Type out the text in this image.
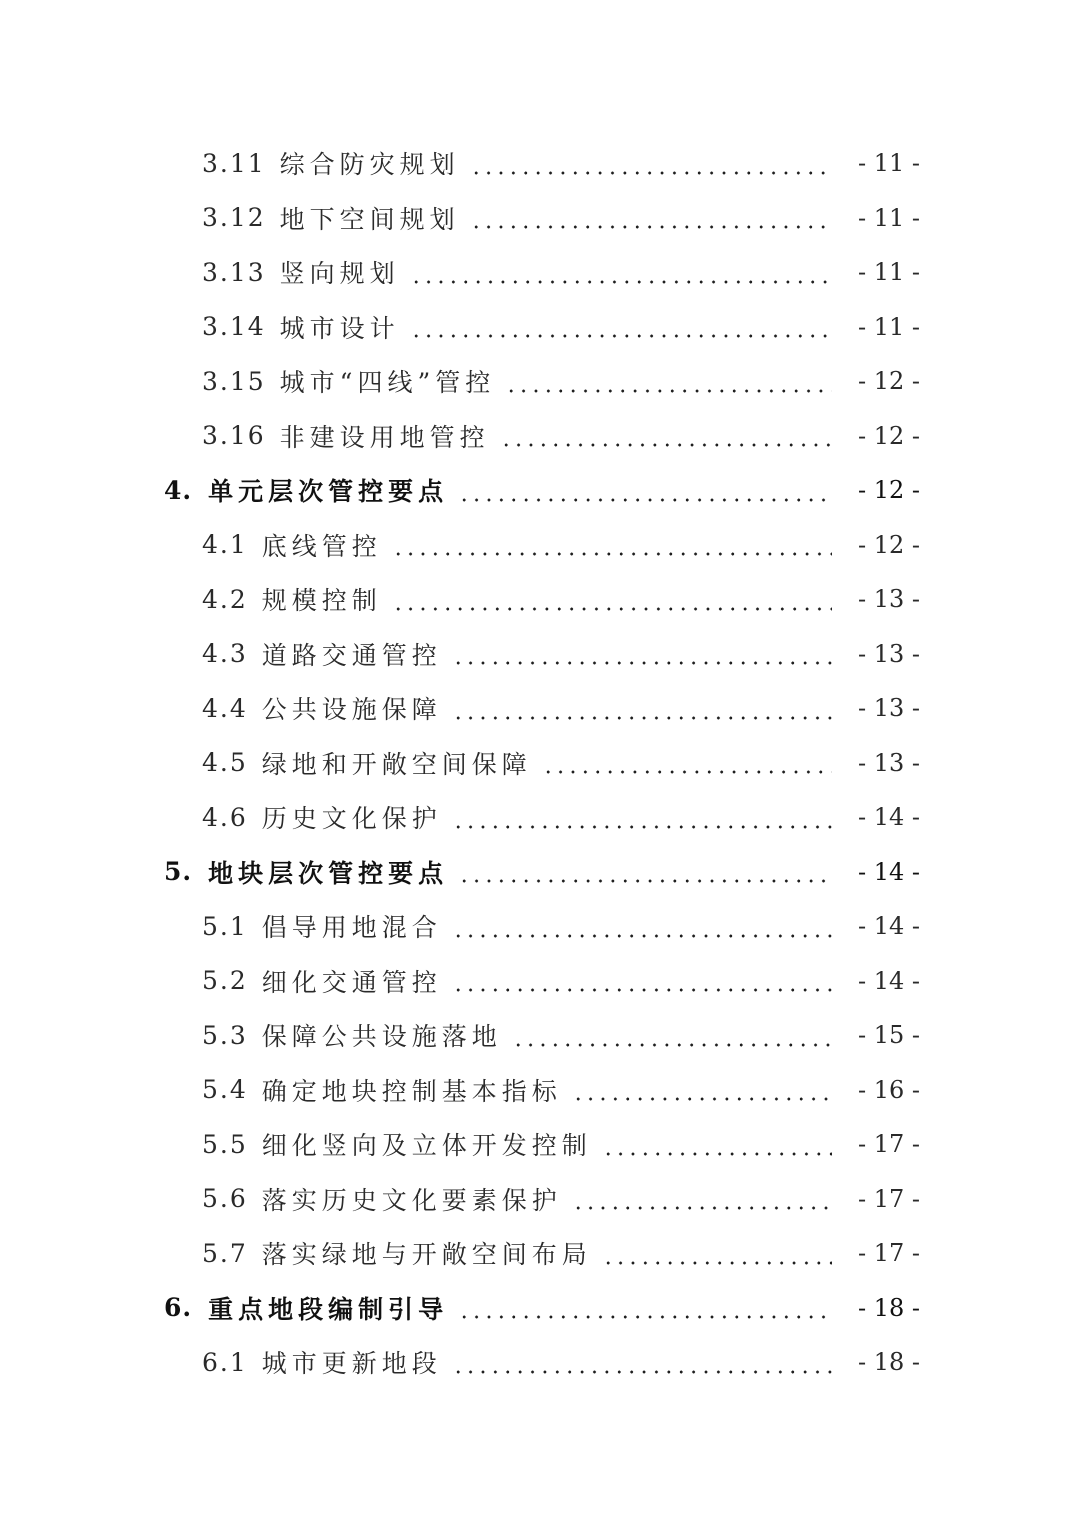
3.11 综合防灾规划	- 11 -
3.12 地下空间规划	- 11 -
3.13 竖向规划	- 11 -
3.14 城市设计	- 11 -
3.15 城市“四线”管控	- 12 -
3.16 非建设用地管控	- 12 -
4. 单元层次管控要点	- 12 -
4.1 底线管控	- 12 -
4.2 规模控制	- 13 -
4.3 道路交通管控	- 13 -
4.4 公共设施保障	- 13 -
4.5 绿地和开敞空间保障	- 13 -
4.6 历史文化保护	- 14 -
5. 地块层次管控要点	- 14 -
5.1 倡导用地混合	- 14 -
5.2 细化交通管控	- 14 -
5.3 保障公共设施落地	- 15 -
5.4 确定地块控制基本指标	- 16 -
5.5 细化竖向及立体开发控制	- 17 -
5.6 落实历史文化要素保护	- 17 -
5.7 落实绿地与开敞空间布局	- 17 -
6. 重点地段编制引导	- 18 -
6.1 城市更新地段	- 18 -
